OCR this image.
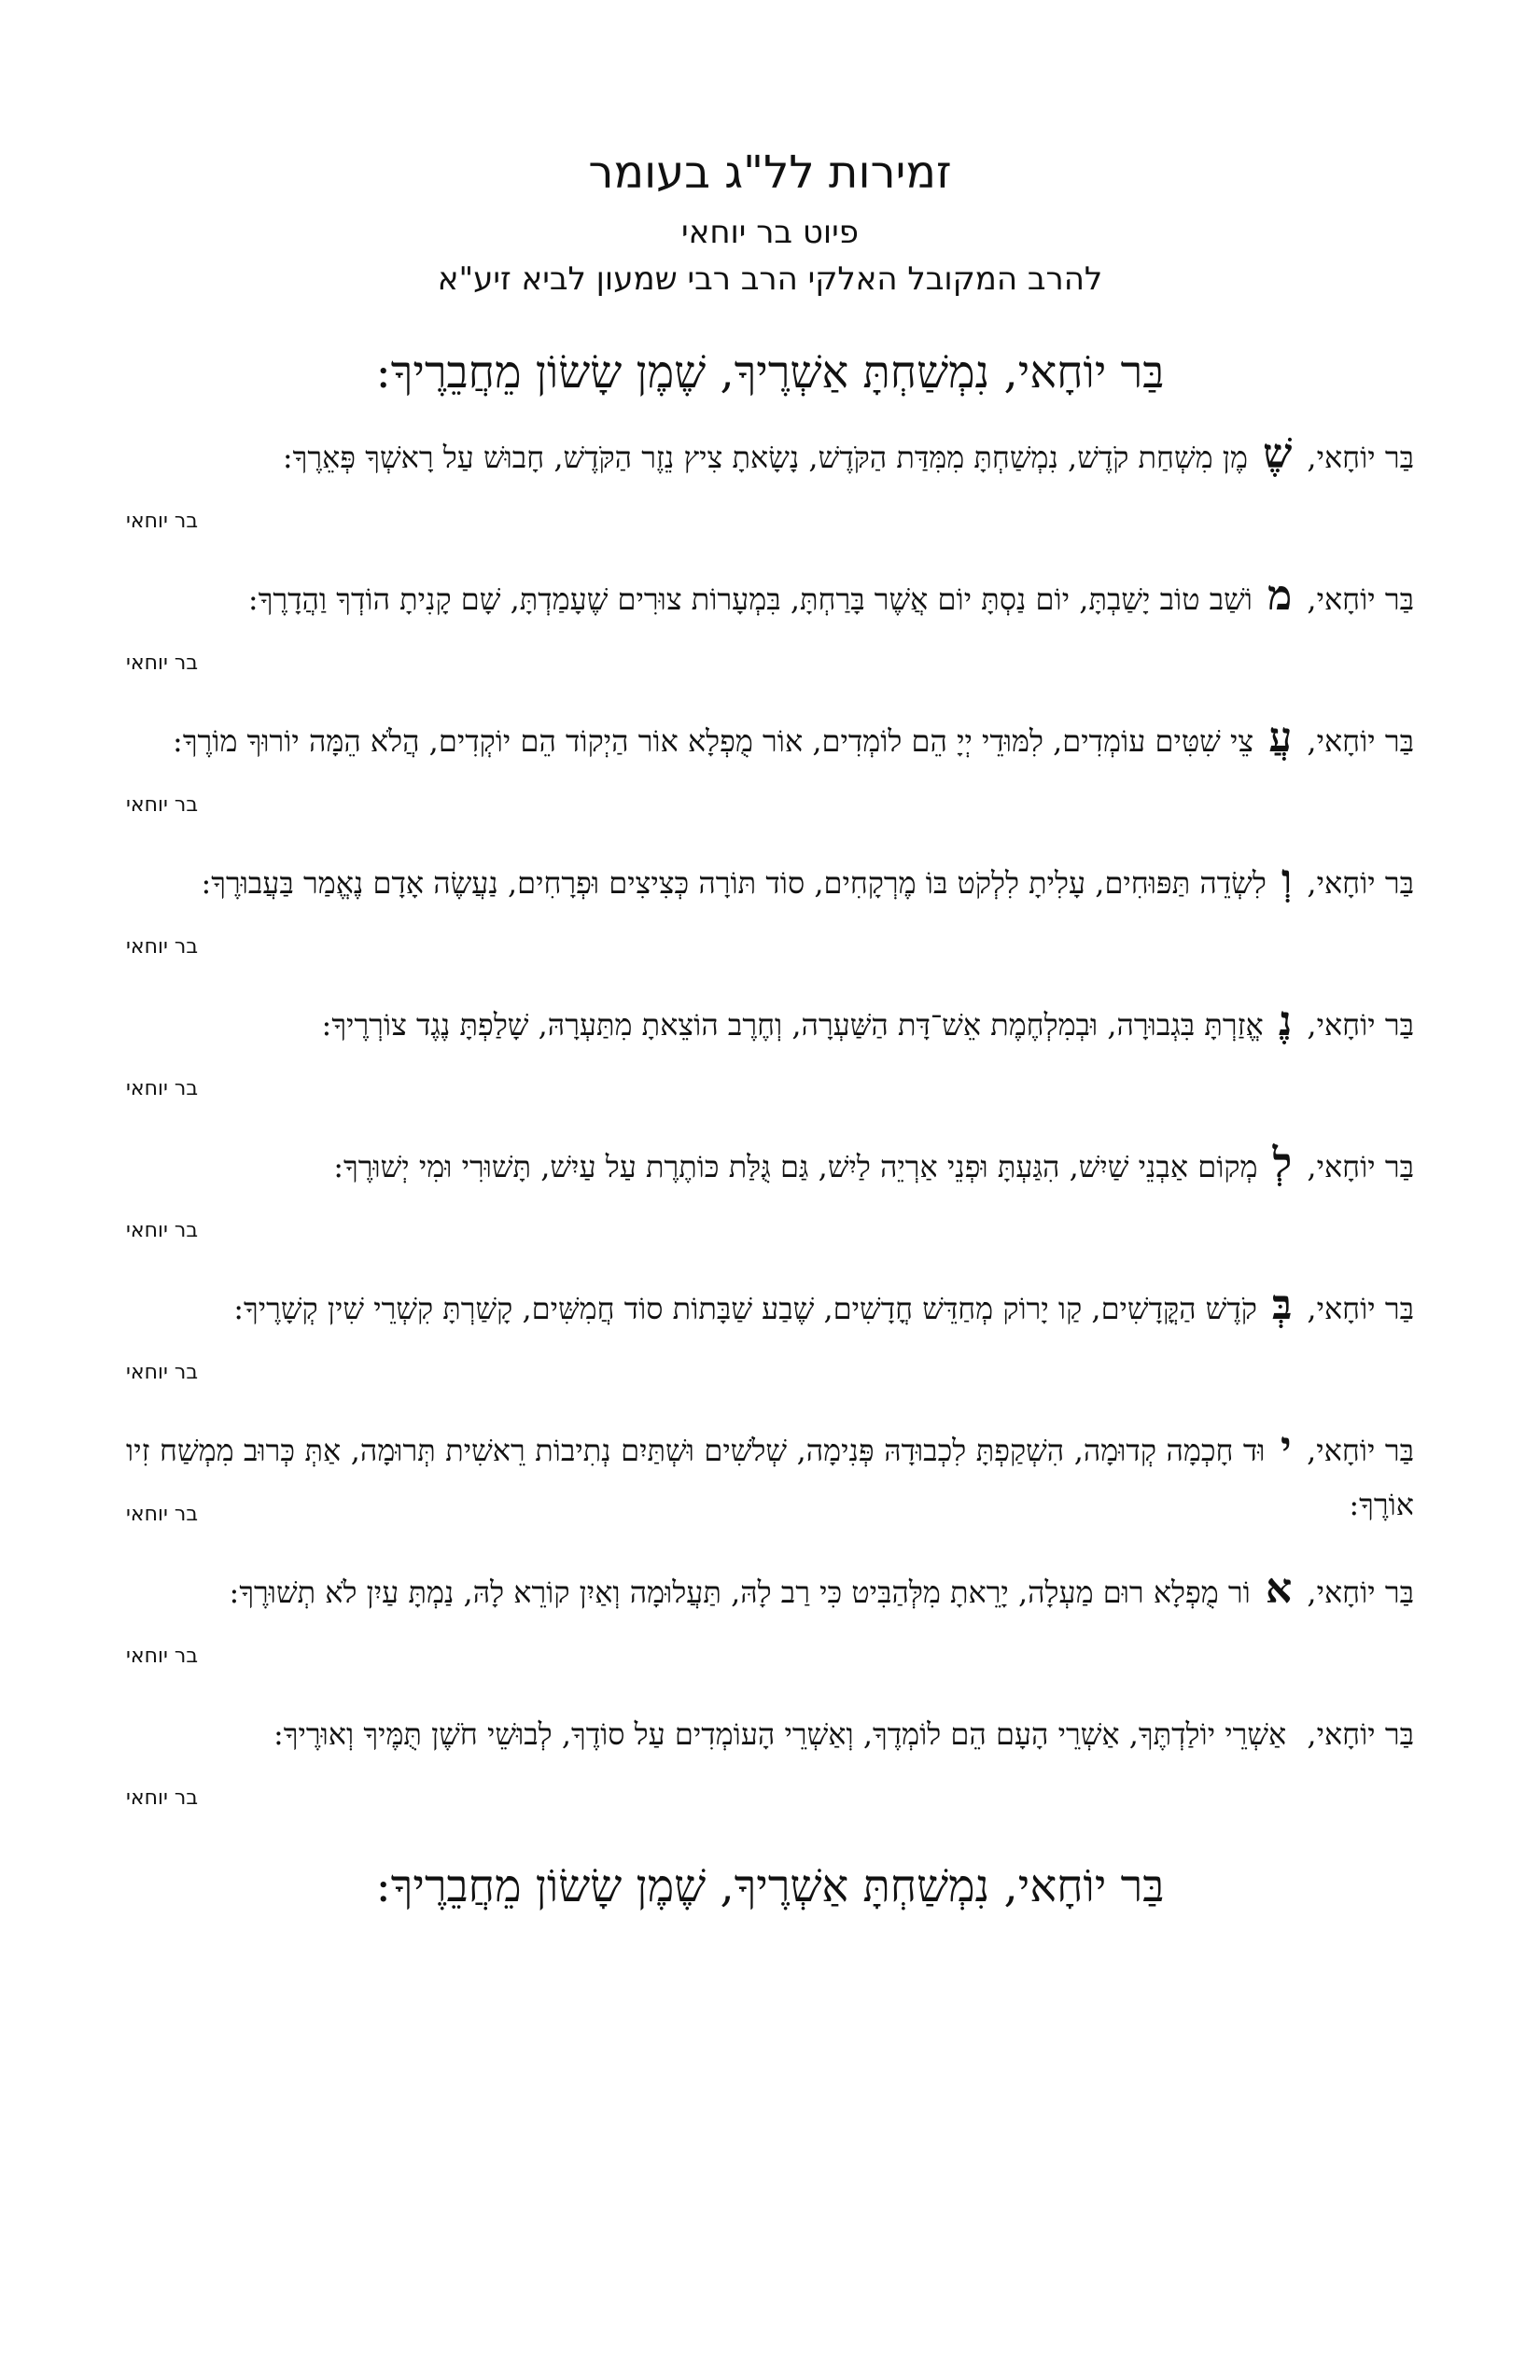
זמירות לל"ג בעומר
פיוט בר יוחאי
להרב המקובל האלקי הרב רבי שמעון לביא זיע"א
בַּר יוֹחָאי, נִמְשַׁחְתָּ אַשְׁרֶיךָ, שֶׁמֶן שָׂשׂוֹן מֵחֲבֵרֶיךָ:
בַּר יוֹחָאי, שֶׁ מֶן מִשְׁחַת קֹדֶשׁ, נִמְשַׁחְתָּ מִמִּדַּת הַקֹּדֶשׁ, נָשָׂאתָ צִיץ נֵזֶר הַקֹּדֶשׁ, חָבוּשׁ עַל רָאשְׁךָ פְּאֵרֶךָ:
בר יוחאי
בַּר יוֹחָאי, מ וֹשַׁב טוֹב יָשַׁבְתָּ, יוֹם נַסְתָּ יוֹם אֲשֶׁר בָּרַחְתָּ, בִּמְעָרוֹת צוּרִים שֶׁעָמַדְתָּ, שָׁם קָנִיתָ הוֹדְךָ וַהֲדָרֶךָ:
בר יוחאי
בַּר יוֹחָאי, עֲ צֵי שִׁטִּים עוֹמְדִים, לִמּוּדֵי יְיָ הֵם לוֹמְדִים, אוֹר מֻפְלָא אוֹר הַיְקוֹד הֵם יוֹקְדִים, הֲלֹא הֵמָּה יוֹרוּךָ מוֹרֶךָ:
בר יוחאי
בַּר יוֹחָאי, וְ לִשְׂדֵה תַּפּוּחִים, עָלִיתָ לִלְקֹט בּוֹ מֶרְקָחִים, סוֹד תּוֹרָה כְּצִיצִים וּפְרָחִים, נַעֲשֶׂה אָדָם נֶאֱמַר בַּעֲבוּרֶךָ:
בר יוחאי
בַּר יוֹחָאי, נֶ אֱזַרְתָּ בִּגְבוּרָה, וּבְמִלְחֶמֶת אֵשׁ־דָּת הַשַּׁעְרָה, וְחֶרֶב הוֹצֵאתָ מִתַּעְרָהּ, שָׁלַפְתָּ נֶגֶד צוֹרְרֶיךָ:
בר יוחאי
בַּר יוֹחָאי, לְ מְקוֹם אַבְנֵי שַׁיִשׁ, הִגַּעְתָּ וּפְנֵי אַרְיֵה לַיִשׁ, גַּם גֻּלַּת כּוֹתֶרֶת עַל עַיִשׁ, תָּשׁוּרִי וּמִי יְשׁוּרֶךָ:
בר יוחאי
בַּר יוֹחָאי, בְּ קֹדֶשׁ הַקֳּדָשִׁים, קַו יָרוֹק מְחַדֵּשׁ חֳדָשִׁים, שֶׁבַע שַׁבָּתוֹת סוֹד חֲמִשִּׁים, קָשַׁרְתָּ קִשְׁרֵי שִׁין קְשָׁרֶיךָ:
בר יוחאי
בַּר יוֹחָאי, י וּד חָכְמָה קְדוּמָה, הִשְׁקַפְתָּ לִכְבוּדָהּ פְּנִימָה, שְׁלֹשִׁים וּשְׁתַּיִם נְתִיבוֹת רֵאשִׁית תְּרוּמָה, אַתְּ כְּרוּב מִמְשַׁח זִיו אוֹרֶךָ:
בר יוחאי
בַּר יוֹחָאי, א וֹר מֻפְלָא רוּם מַעְלָה, יָרֵאתָ מִלְּהַבִּיט כִּי רַב לָהּ, תַּעֲלוּמָה וְאַיִן קוֹרֵא לָהּ, נַמְתָּ עַיִן לֹא תְשׁוּרֶךָ:
בר יוחאי
בַּר יוֹחָאי, אַשְׁרֵי יוֹלַדְתֶּךָ, אַשְׁרֵי הָעָם הֵם לוֹמְדֶךָ, וְאַשְׁרֵי הָעוֹמְדִים עַל סוֹדֶךָ, לְבוּשֵׁי חֹשֶׁן תֻּמֶּיךָ וְאוּרֶיךָ:
בר יוחאי
בַּר יוֹחָאי, נִמְשַׁחְתָּ אַשְׁרֶיךָ, שֶׁמֶן שָׂשׂוֹן מֵחֲבֵרֶיךָ:
